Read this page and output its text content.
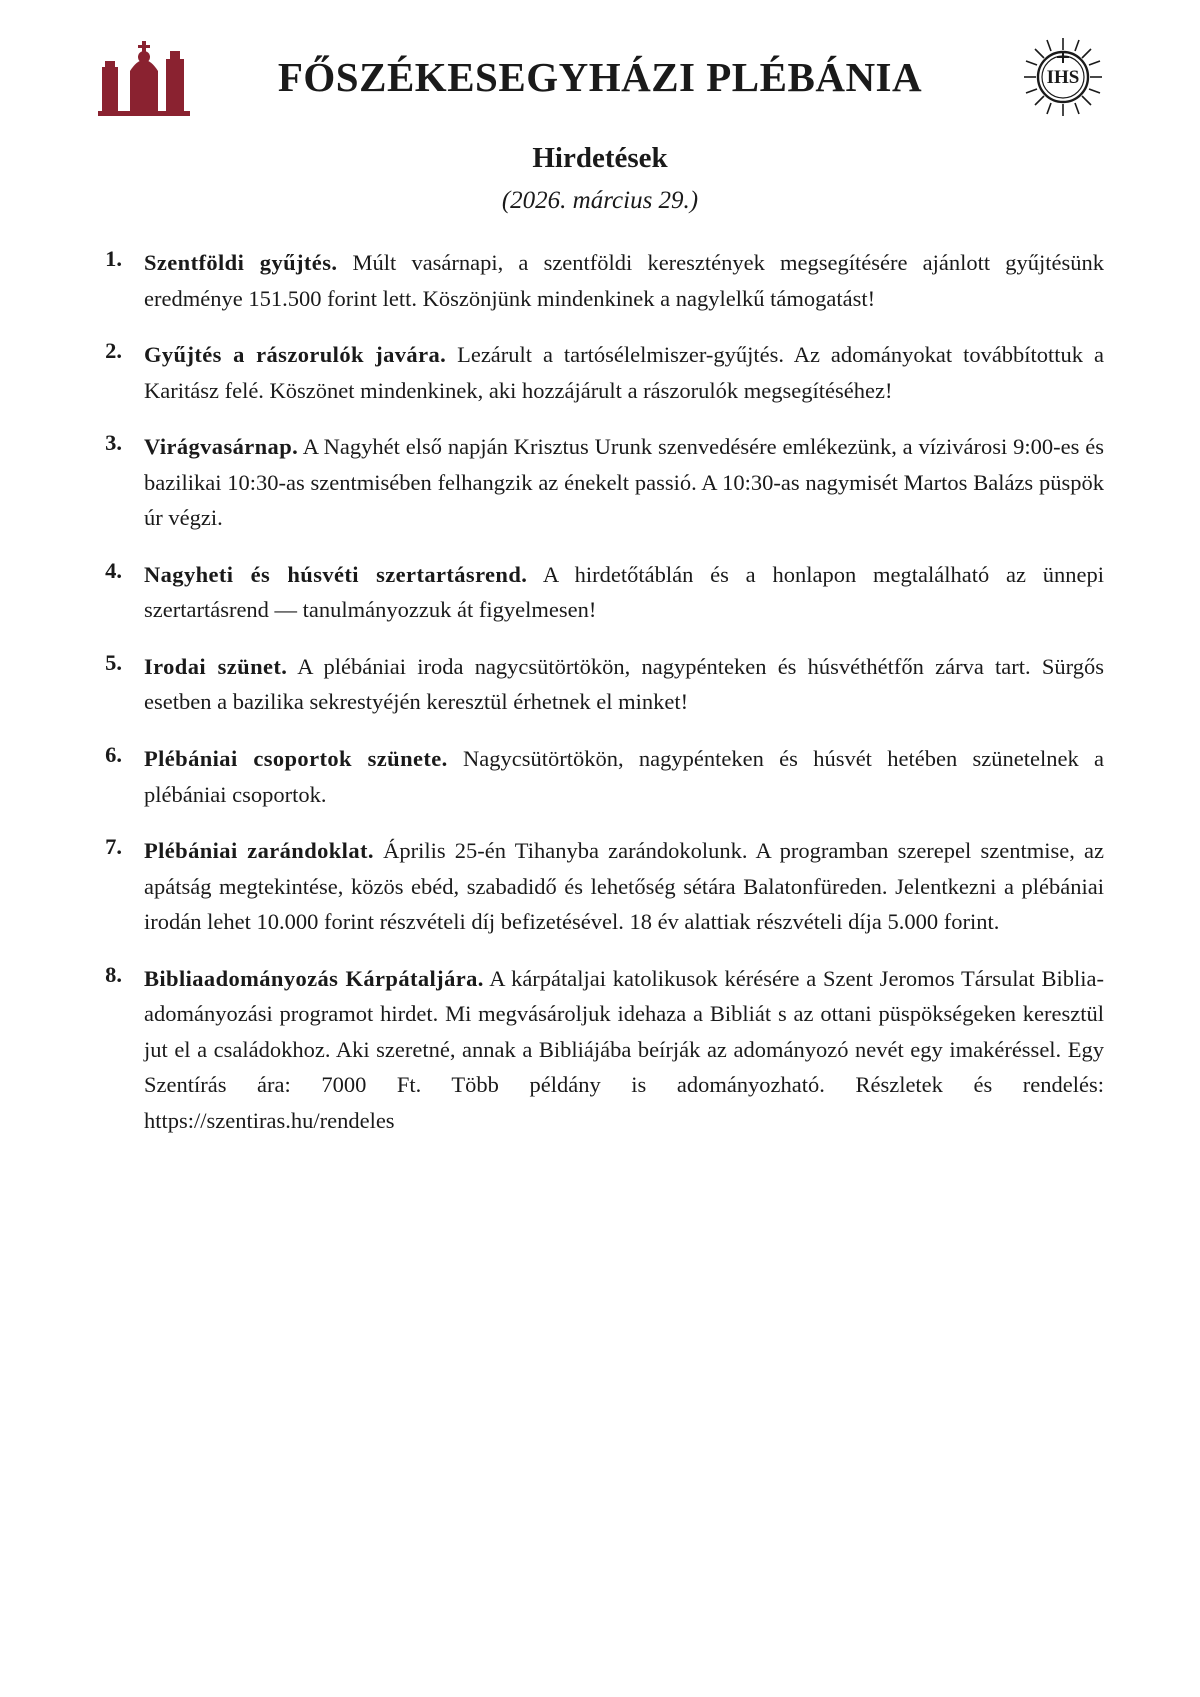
FŐSZÉKESEGYHÁZI PLÉBÁNIA	IHS
Hirdetések
(2026. március 29.)
1. Szentföldi gyűjtés. Múlt vasárnapi, a szentföldi keresztények megsegítésére ajánlott gyűjtésünk eredménye 151.500 forint lett. Köszönjünk mindenkinek a nagylelkű támogatást!
2. Gyűjtés a rászorulók javára. Lezárult a tartósélelmiszer-gyűjtés. Az adományokat továbbítottuk a Karitász felé. Köszönet mindenkinek, aki hozzájárult a rászorulók megsegítéséhez!
3. Virágvasárnap. A Nagyhét első napján Krisztus Urunk szenvedésére emlékezünk, a vízivárosi 9:00-es és bazilikai 10:30-as szentmisében felhangzik az énekelt passió. A 10:30-as nagymisét Martos Balázs püspök úr végzi.
4. Nagyheti és húsvéti szertartásrend. A hirdetőtáblán és a honlapon megtalálható az ünnepi szertartásrend — tanulmányozzuk át figyelmesen!
5. Irodai szünet. A plébániai iroda nagycsütörtökön, nagypénteken és húsvéthétfőn zárva tart. Sürgős esetben a bazilika sekrestyéjén keresztül érhetnek el minket!
6. Plébániai csoportok szünete. Nagycsütörtökön, nagypénteken és húsvét hetében szünetelnek a plébániai csoportok.
7. Plébániai zarándoklat. Április 25-én Tihanyba zarándokolunk. A programban szerepel szentmise, az apátság megtekintése, közös ebéd, szabadidő és lehetőség sétára Balatonfüreden. Jelentkezni a plébániai irodán lehet 10.000 forint részvételi díj befizetésével. 18 év alattiak részvételi díja 5.000 forint.
8. Bibliaadományozás Kárpátaljára. A kárpátaljai katolikusok kérésére a Szent Jeromos Társulat Biblia-adományozási programot hirdet. Mi megvásároljuk idehaza a Bibliát s az ottani püspökségeken keresztül jut el a családokhoz. Aki szeretné, annak a Bibliájába beírják az adományozó nevét egy imakéréssel. Egy Szentírás ára: 7000 Ft. Több példány is adományozható. Részletek és rendelés: https://szentiras.hu/rendeles
